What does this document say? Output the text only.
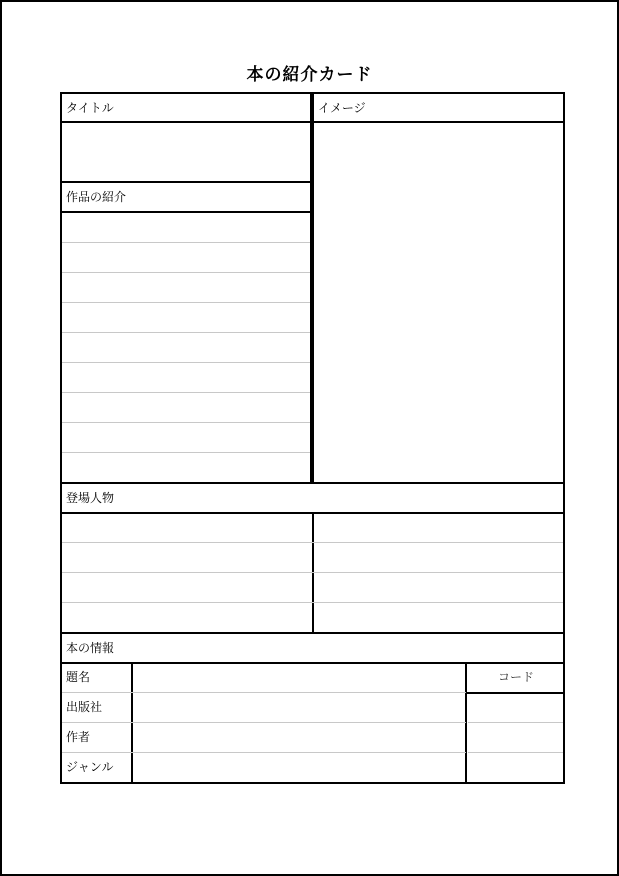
本の紹介カード
タイトル
作品の紹介
イメージ
登場人物
本の情報
題名
出版社
作者
ジャンル
コード
